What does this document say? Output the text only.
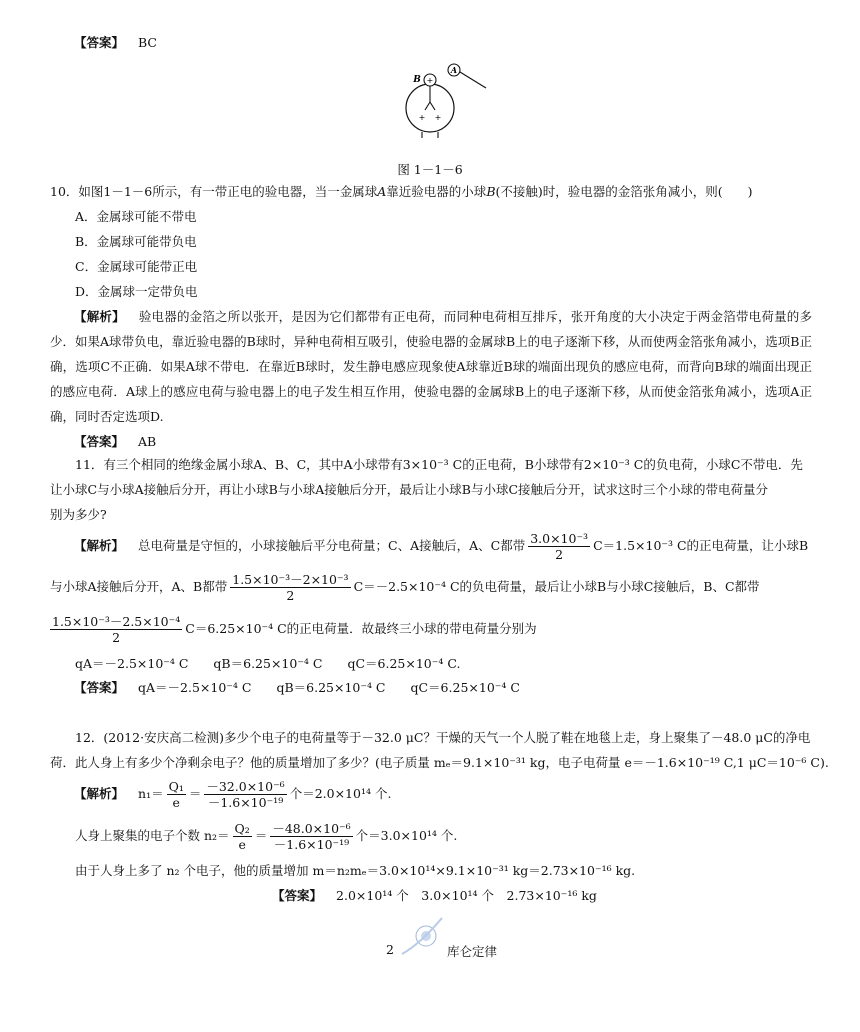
【答案】 BC
+
+ +
A
B
图 1－1－6
10．如图1－1－6所示，有一带正电的验电器，当一金属球A靠近验电器的小球B(不接触)时，验电器的金箔张角减小，则(　　)
A．金属球可能不带电
B．金属球可能带负电
C．金属球可能带正电
D．金属球一定带负电
【解析】 验电器的金箔之所以张开，是因为它们都带有正电荷，而同种电荷相互排斥，张开角度的大小决定于两金箔带电荷量的多少．如果A球带负电，靠近验电器的B球时，异种电荷相互吸引，使验电器的金属球B上的电子逐渐下移，从而使两金箔张角减小，选项B正确，选项C不正确．如果A球不带电．在靠近B球时，发生静电感应现象使A球靠近B球的端面出现负的感应电荷，而背向B球的端面出现正的感应电荷．A球上的感应电荷与验电器上的电子发生相互作用，使验电器的金属球B上的电子逐渐下移，从而使金箔张角减小，选项A正确，同时否定选项D.
【答案】 AB
11．有三个相同的绝缘金属小球A、B、C，其中A小球带有3×10⁻³ C的正电荷，B小球带有2×10⁻³ C的负电荷，小球C不带电．先
让小球C与小球A接触后分开，再让小球B与小球A接触后分开，最后让小球B与小球C接触后分开，试求这时三个小球的带电荷量分
别为多少?
【解析】 总电荷量是守恒的，小球接触后平分电荷量；C、A接触后，A、C都带 $\frac{\text{3.0×10⁻³}}{2} C=1.5\times 10^{-3}$ C的正电荷量，让小球B
与小球A接触后分开，A、B都带 $\frac{\text{1.5×10⁻³－2×10⁻³}}{2} C=-2.5\times 10^{-4}$ C的负电荷量，最后让小球B与小球C接触后，B、C都带
$\frac{\text{1.5×10⁻³－2.5×10⁻⁴}}{2} C=6.25\times 10^{-4}$ C的正电荷量．故最终三小球的带电荷量分别为
qA＝－2.5×10⁻⁴ C　　qB＝6.25×10⁻⁴ C　　qC＝6.25×10⁻⁴ C.
【答案】 qA＝－2.5×10⁻⁴ C　　qB＝6.25×10⁻⁴ C　　qC＝6.25×10⁻⁴ C
12．(2012·安庆高二检测)多少个电子的电荷量等于－32.0 μC？干燥的天气一个人脱了鞋在地毯上走，身上聚集了－48.0 μC的净电
荷．此人身上有多少个净剩余电子？他的质量增加了多少？(电子质量 mₑ＝9.1×10⁻³¹ kg，电子电荷量 e＝－1.6×10⁻¹⁹ C,1 μC＝10⁻⁶ C).
【解析】 $n_1= \frac{\text{Q₁}}{e} = \frac{\text{－32.0×10⁻⁶}}{\text{－1.6×10⁻¹⁹}}$ 个＝2.0×10¹⁴ 个.
人身上聚集的电子个数 $n_2= \frac{\text{Q₂}}{e} = \frac{\text{－48.0×10⁻⁶}}{\text{－1.6×10⁻¹⁹}}$ 个＝3.0×10¹⁴ 个.
由于人身上多了 n₂ 个电子，他的质量增加 m＝n₂mₑ＝3.0×10¹⁴×9.1×10⁻³¹ kg＝2.73×10⁻¹⁶ kg.
【答案】 2.0×10¹⁴ 个　3.0×10¹⁴ 个　2.73×10⁻¹⁶ kg
2	库仑定律
